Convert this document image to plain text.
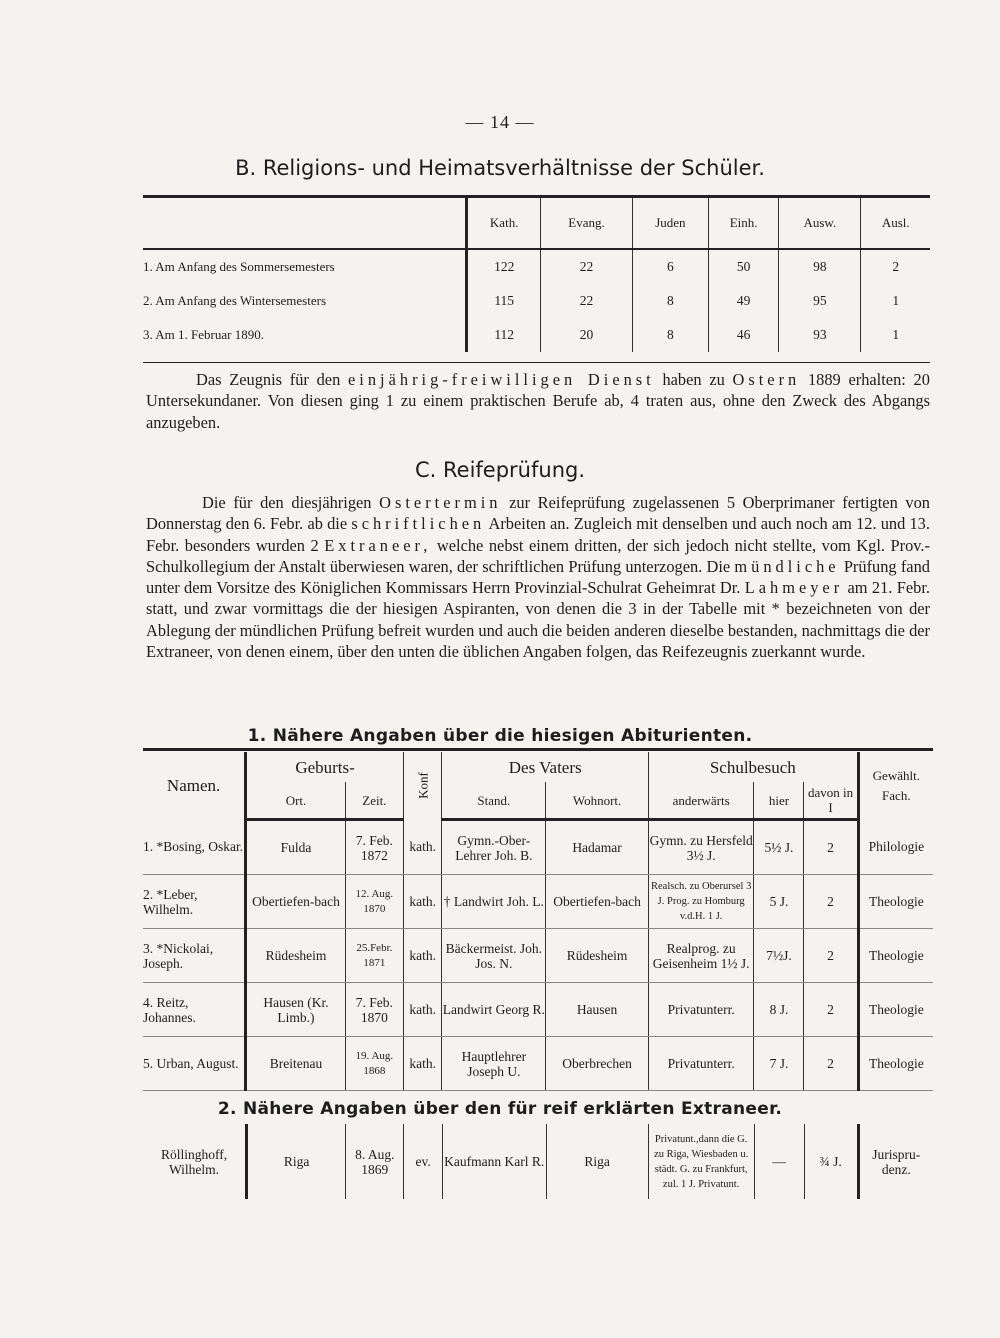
— 14 —
B. Religions- und Heimatsverhältnisse der Schüler.
	Kath.	Evang.	Juden	Einh.	Ausw.	Ausl.
1. Am Anfang des Sommersemesters	122	22	6	50	98	2
2. Am Anfang des Wintersemesters	115	22	8	49	95	1
3. Am 1. Februar 1890.	112	20	8	46	93	1

Das Zeugnis für den einjährig-freiwilligen Dienst haben zu Ostern 1889 erhalten: 20 Untersekundaner. Von diesen ging 1 zu einem praktischen Berufe ab, 4 traten aus, ohne den Zweck des Abgangs anzugeben.

C. Reifeprüfung.

Die für den diesjährigen Ostertermin zur Reifeprüfung zugelassenen 5 Oberprimaner fertigten von Donnerstag den 6. Febr. ab die schriftlichen Arbeiten an. Zugleich mit denselben und auch noch am 12. und 13. Febr. besonders wurden 2 Extraneer, welche nebst einem dritten, der sich jedoch nicht stellte, vom Kgl. Prov.-Schulkollegium der Anstalt überwiesen waren, der schriftlichen Prüfung unterzogen. Die mündliche Prüfung fand unter dem Vorsitze des Königlichen Kommissars Herrn Provinzial-Schulrat Geheimrat Dr. Lahmeyer am 21. Febr. statt, und zwar vormittags die der hiesigen Aspiranten, von denen die 3 in der Tabelle mit * bezeichneten von der Ablegung der mündlichen Prüfung befreit wurden und auch die beiden anderen dieselbe bestanden, nachmittags die der Extraneer, von denen einem, über den unten die üblichen Angaben folgen, das Reifezeugnis zuerkannt wurde.

1. Nähere Angaben über die hiesigen Abiturienten.
Namen.	Geburts-		Konf	Des Vaters		Schulbesuch			Gewählt.
Fach.
	Ort.	Zeit.		Stand.	Wohnort.	anderwärts	hier	davon in I	
1. *Bosing, Oskar.	Fulda	7. Feb. 1872	kath.	Gymn.-Ober-Lehrer Joh. B.	Hadamar	Gymn. zu Hersfeld 3½ J.	5½ J.	2	Philologie
2. *Leber, Wilhelm.	Obertiefen-bach	12. Aug. 1870	kath.	† Landwirt Joh. L.	Obertiefen-bach	Realsch. zu Oberursel 3 J. Prog. zu Homburg v.d.H. 1 J.	5 J.	2	Theologie
3. *Nickolai, Joseph.	Rüdesheim	25.Febr. 1871	kath.	Bäckermeist. Joh. Jos. N.	Rüdesheim	Realprog. zu Geisenheim 1½ J.	7½J.	2	Theologie
4. Reitz, Johannes.	Hausen (Kr. Limb.)	7. Feb. 1870	kath.	Landwirt Georg R.	Hausen	Privatunterr.	8 J.	2	Theologie
5. Urban, August.	Breitenau	19. Aug. 1868	kath.	Hauptlehrer Joseph U.	Oberbrechen	Privatunterr.	7 J.	2	Theologie
2. Nähere Angaben über den für reif erklärten Extraneer.
Röllinghoff, Wilhelm.	Riga	8. Aug. 1869	ev.	Kaufmann Karl R.	Riga	Privatunt.,dann die G. zu Riga, Wiesbaden u. städt. G. zu Frankfurt, zul. 1 J. Privatunt.	—	¾ J.	Jurispru-denz.
